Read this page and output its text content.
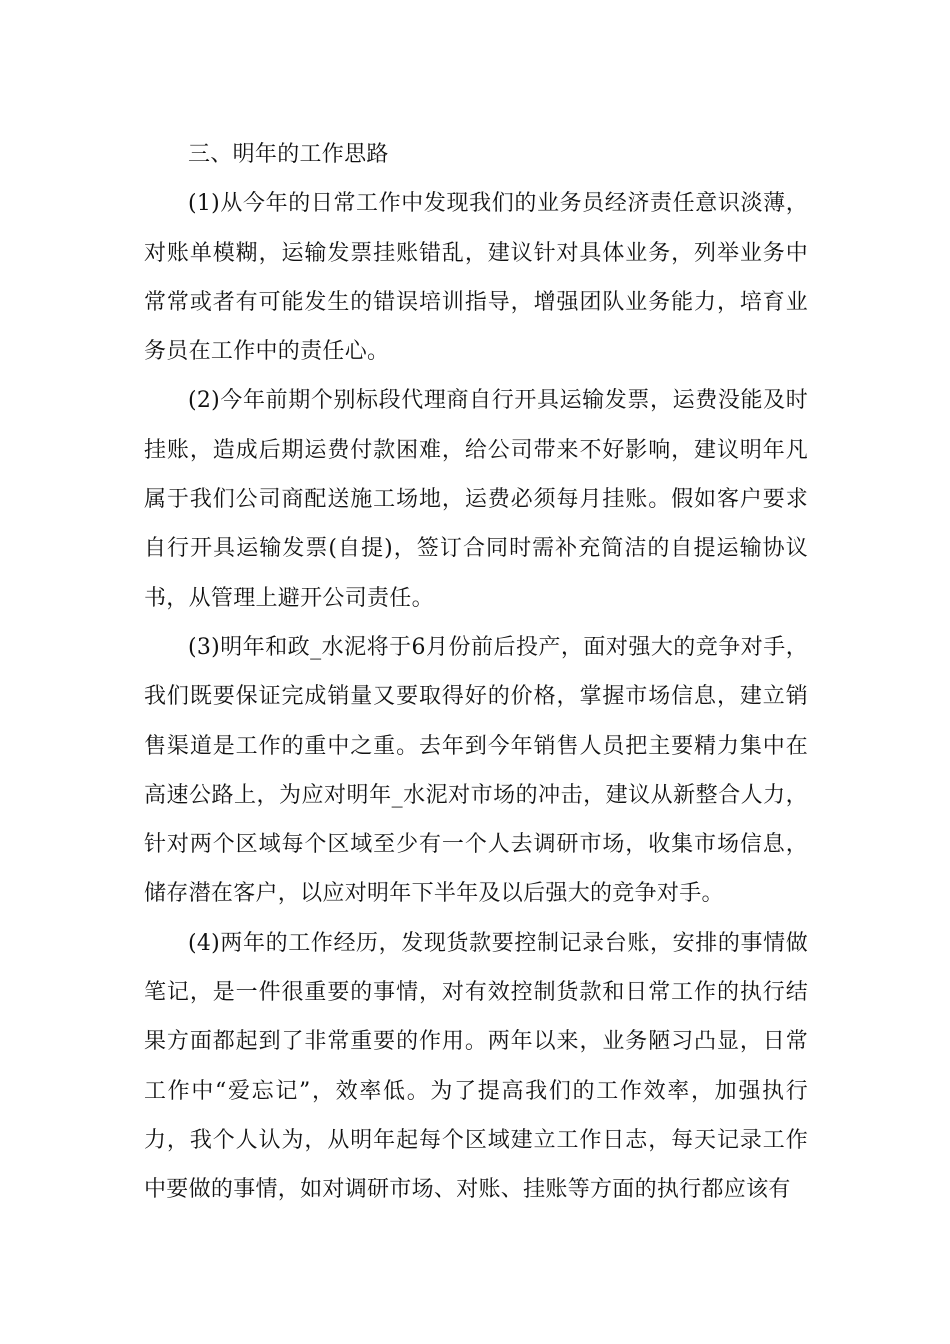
三、明年的工作思路

(1)从今年的日常工作中发现我们的业务员经济责任意识淡薄，对账单模糊，运输发票挂账错乱，建议针对具体业务，列举业务中常常或者有可能发生的错误培训指导，增强团队业务能力，培育业务员在工作中的责任心。

(2)今年前期个别标段代理商自行开具运输发票，运费没能及时挂账，造成后期运费付款困难，给公司带来不好影响，建议明年凡属于我们公司商配送施工场地，运费必须每月挂账。假如客户要求自行开具运输发票(自提)，签订合同时需补充简洁的自提运输协议书，从管理上避开公司责任。

(3)明年和政_水泥将于6月份前后投产，面对强大的竞争对手，我们既要保证完成销量又要取得好的价格，掌握市场信息，建立销售渠道是工作的重中之重。去年到今年销售人员把主要精力集中在高速公路上，为应对明年_水泥对市场的冲击，建议从新整合人力，针对两个区域每个区域至少有一个人去调研市场，收集市场信息，储存潜在客户，以应对明年下半年及以后强大的竞争对手。

(4)两年的工作经历，发现货款要控制记录台账，安排的事情做笔记，是一件很重要的事情，对有效控制货款和日常工作的执行结果方面都起到了非常重要的作用。两年以来，业务陋习凸显，日常工作中“爱忘记”，效率低。为了提高我们的工作效率，加强执行力，我个人认为，从明年起每个区域建立工作日志，每天记录工作中要做的事情，如对调研市场、对账、挂账等方面的执行都应该有
